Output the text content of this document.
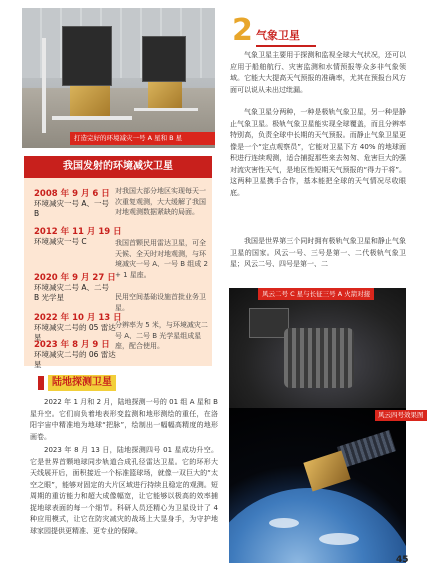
打造完好的环境减灾一号 A 星和 B 星
我国发射的环境减灾卫星
2008 年 9 月 6 日
环境减灾一号 A、一号 B
2012 年 11 月 19 日
环境减灾一号 C
2020 年 9 月 27 日
环境减灾二号 A、二号 B 光学星
2022 年 10 月 13 日
环境减灾二号的 05 雷达星
2023 年 8 月 9 日
环境减灾二号的 06 雷达星
对我国大部分地区实现每天一次重复观测，大大缓解了我国对地观测数据紧缺的局面。
我国首颗民用雷达卫星，可全天候、全天时对地观测，与环境减灾一号 A、一号 B 组成 2 + 1 星座。
民用空间基础设施首批业务卫星。
分辨率为 5 米，与环境减灾二号 A、二号 B 光学星组成星座，配合使用。
2 气象卫星

气象卫星主要用于探测和监视全球大气状况，还可以应用于船舶航行、灾害监测和水情预报等众多非气象领域。它能大大提高天气预报的准确率，尤其在预报台风方面可以说从未出过纰漏。

气象卫星分两种，一种是极轨气象卫星，另一种是静止气象卫星。极轨气象卫星能实现全球覆盖，而且分辨率特别高，负责全球中长期的天气预报。而静止气象卫星更像是一个“定点观察员”，它能对卫星下方 40% 的地球面积进行连续观测，适合捕捉那些来去匆匆、危害巨大的强对流灾害性天气，是地区性短期天气预报的“得力干将”。这两种卫星携手合作，基本能把全球的天气情况尽收眼底。

我国是世界第三个同时拥有极轨气象卫星和静止气象卫星的国家。风云一号、三号是第一、二代极轨气象卫星；风云二号、四号是第一、二

风云二号 C 星与长征三号 A 火箭对接
风云四号效果图
陆地探测卫星

2022 年 1 月和 2 月，陆地探测一号的 01 组 A 星和 B 星升空。它们肩负着地表形变监测和地形测绘的重任，在洛阳宇宙中精准地为地球“把脉”，绘制出一幅幅高精度的地形画卷。

2023 年 8 月 13 日，陆地探测四号 01 星成功升空。它是世界首颗地球同步轨道合成孔径雷达卫星。它的环形大天线展开后，面积接近一个标准篮球场，就像一双巨大的“太空之眼”，能够对固定的大片区域进行持续且稳定的观测。短周期的重访能力和超大成像幅宽，让它能够以极高的效率捕捉地球表面的每一个细节。科研人员还精心为卫星设计了 4 种应用模式，让它在防灾减灾的战场上大显身手，为守护地球家园提供更精准、更专业的保障。

45
